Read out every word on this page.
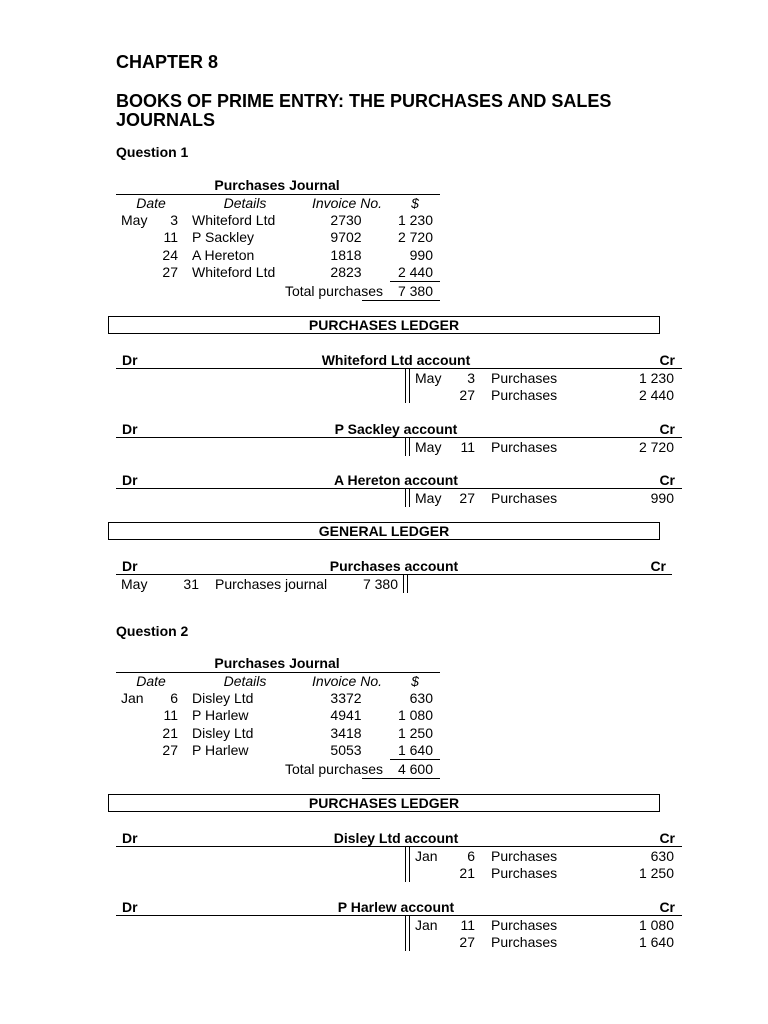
CHAPTER 8
BOOKS OF PRIME ENTRY: THE PURCHASES AND SALES
JOURNALS
Question 1
Purchases Journal
Date	Details	Invoice No.	$
May	3 Whiteford Ltd	2730	1 230
11 P Sackley	9702	2 720
24 A Hereton	1818	990
27 Whiteford Ltd	2823	2 440
Total purchases	7 380
PURCHASES LEDGER
Dr	Whiteford Ltd account	Cr
May	3 Purchases	1 230
27 Purchases	2 440
Dr	P Sackley account	Cr
May	11 Purchases	2 720
Dr	A Hereton account	Cr
May	27 Purchases	990
GENERAL LEDGER
Dr	Purchases account	Cr
May	31 Purchases journal	7 380
Question 2
Purchases Journal
Date	Details	Invoice No.	$
Jan	6 Disley Ltd	3372	630
11 P Harlew	4941	1 080
21 Disley Ltd	3418	1 250
27 P Harlew	5053	1 640
Total purchases	4 600
PURCHASES LEDGER
Dr	Disley Ltd account	Cr
Jan	6 Purchases	630
21 Purchases	1 250
Dr	P Harlew account	Cr
Jan	11 Purchases	1 080
27 Purchases	1 640
